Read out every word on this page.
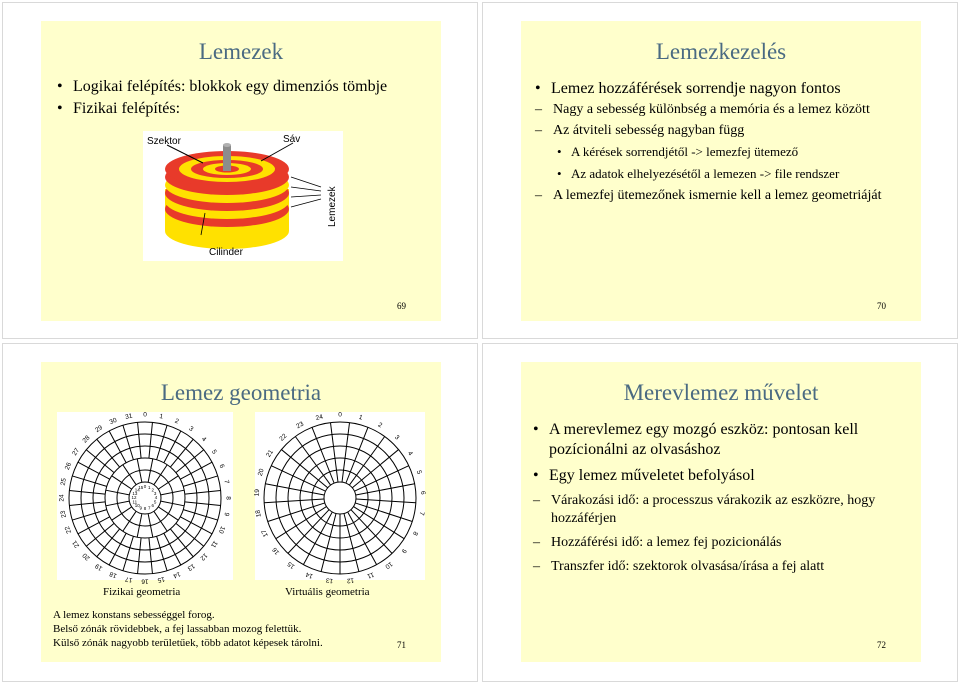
Lemezek
• Logikai felépítés: blokkok egy dimenziós tömbje
• Fizikai felépítés:
Szektor	Sáv
Lemezek
Cilinder
69
Lemezkezelés
• Lemez hozzáférések sorrendje nagyon fontos
– Nagy a sebesség különbség a memória és a lemez között
– Az átviteli sebesség nagyban függ
• A kérések sorrendjétől -> lemezfej ütemező
• Az adatok elhelyezésétől a lemezen -> file rendszer
– A lemezfej ütemezőnek ismernie kell a lemez geometriáját
70
Lemez geometria
0 1
2
3
4
5
6
7
8
9
10
11
12
13
14
15
16
17
18
19
20
21
22
23
24
25
26
27
28
29
30
31
0 1 2
3
4
5
6
7
8
9
10
11
12
13
14
15
0 1
2
3
4
5
6
7
8
9
10
11
12
13
14
15
16
17
18
19
20
21
22
23
24
Fizikai geometria	Virtuális geometria
A lemez konstans sebességgel forog.
Belső zónák rövidebbek, a fej lassabban mozog felettük.
Külső zónák nagyobb területűek, több adatot képesek tárolni.	71
Merevlemez művelet
• A merevlemez egy mozgó eszköz: pontosan kell pozícionálni az olvasáshoz
• Egy lemez műveletet befolyásol
– Várakozási idő: a processzus várakozik az eszközre, hogy hozzáférjen
– Hozzáférési idő: a lemez fej pozicionálás
– Transzfer idő: szektorok olvasása/írása a fej alatt
72
